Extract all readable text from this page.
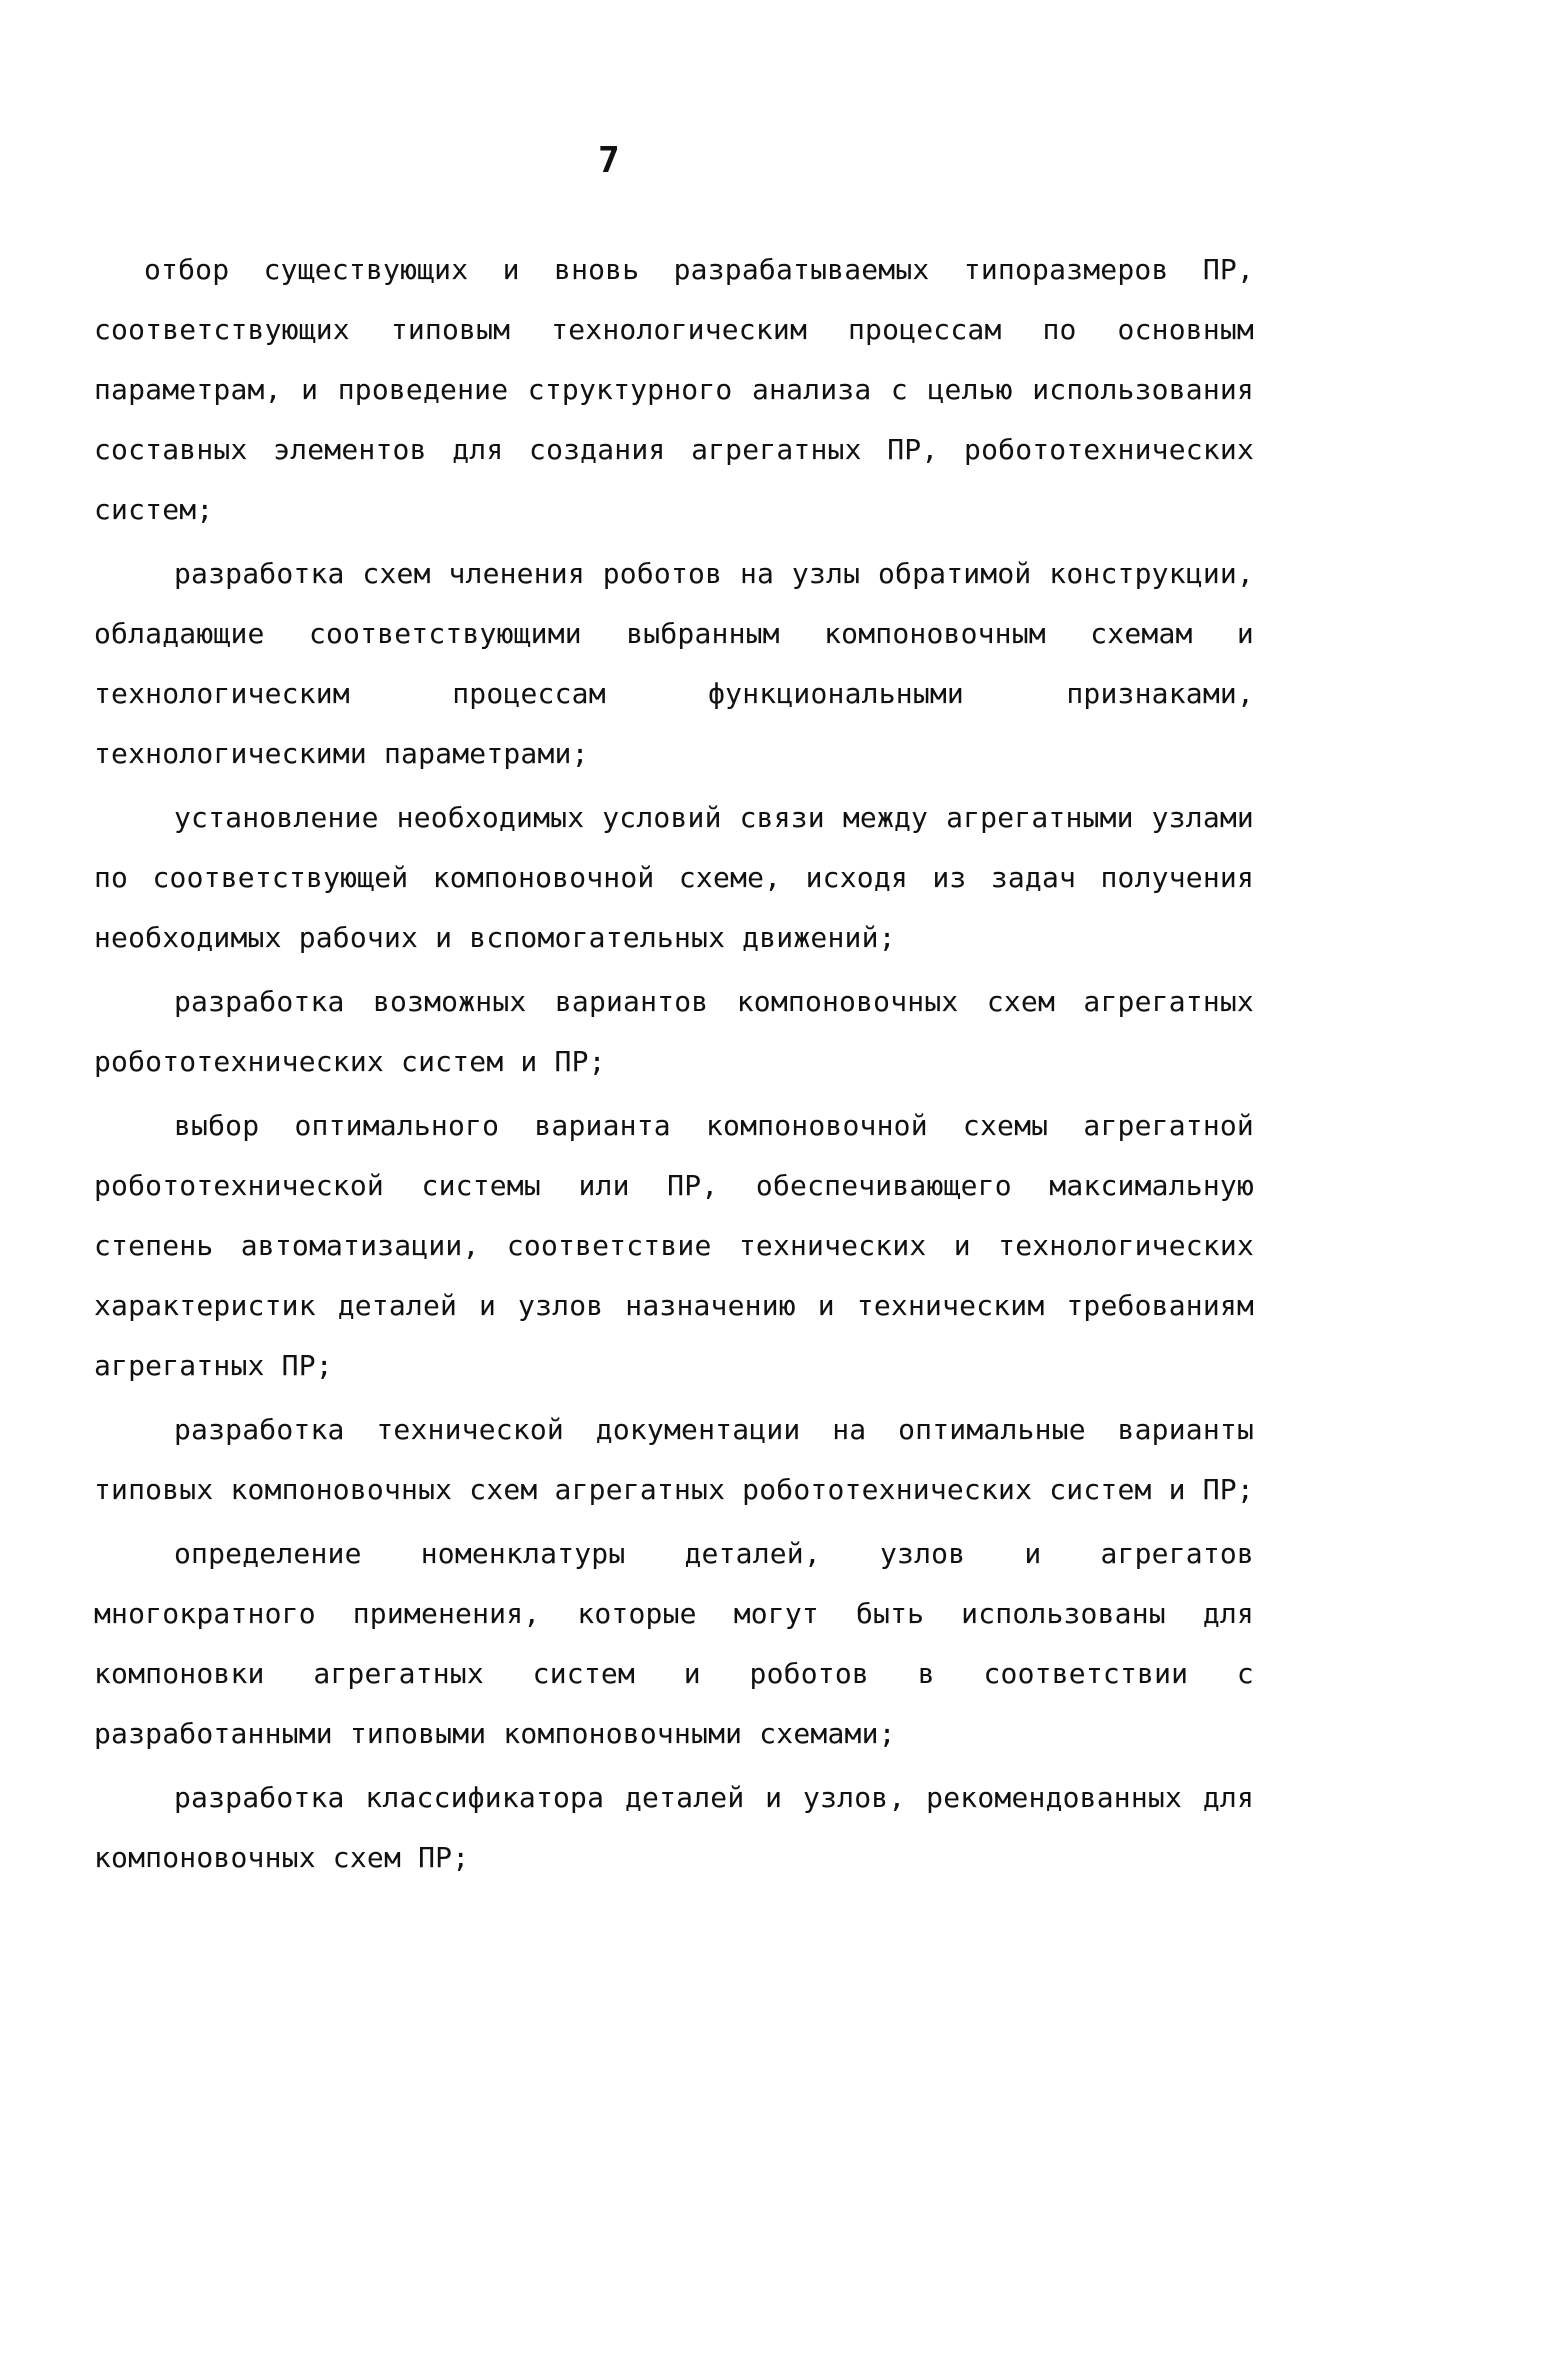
7

отбор существующих и вновь разрабатываемых типоразмеров ПР, соответствующих типовым технологическим процессам по основным параметрам, и проведение структурного анализа с целью использования составных элементов для создания агрегатных ПР, робототехнических систем;

разработка схем членения роботов на узлы обратимой конструкции, обладающие соответствующими выбранным компоновочным схемам и технологическим процессам функциональными признаками, технологическими параметрами;

установление необходимых условий связи между агрегатными узлами по соответствующей компоновочной схеме, исходя из задач получения необходимых рабочих и вспомогательных движений;

разработка возможных вариантов компоновочных схем агрегатных робототехнических систем и ПР;

выбор оптимального варианта компоновочной схемы агрегатной робототехнической системы или ПР, обеспечивающего максимальную степень автоматизации, соответствие технических и технологических характеристик деталей и узлов назначению и техническим требованиям агрегатных ПР;

разработка технической документации на оптимальные варианты типовых компоновочных схем агрегатных робототехнических систем и ПР;

определение номенклатуры деталей, узлов и агрегатов многократного применения, которые могут быть использованы для компоновки агрегатных систем и роботов в соответствии с разработанными типовыми компоновочными схемами;

разработка классификатора деталей и узлов, рекомендованных для компоновочных схем ПР;
